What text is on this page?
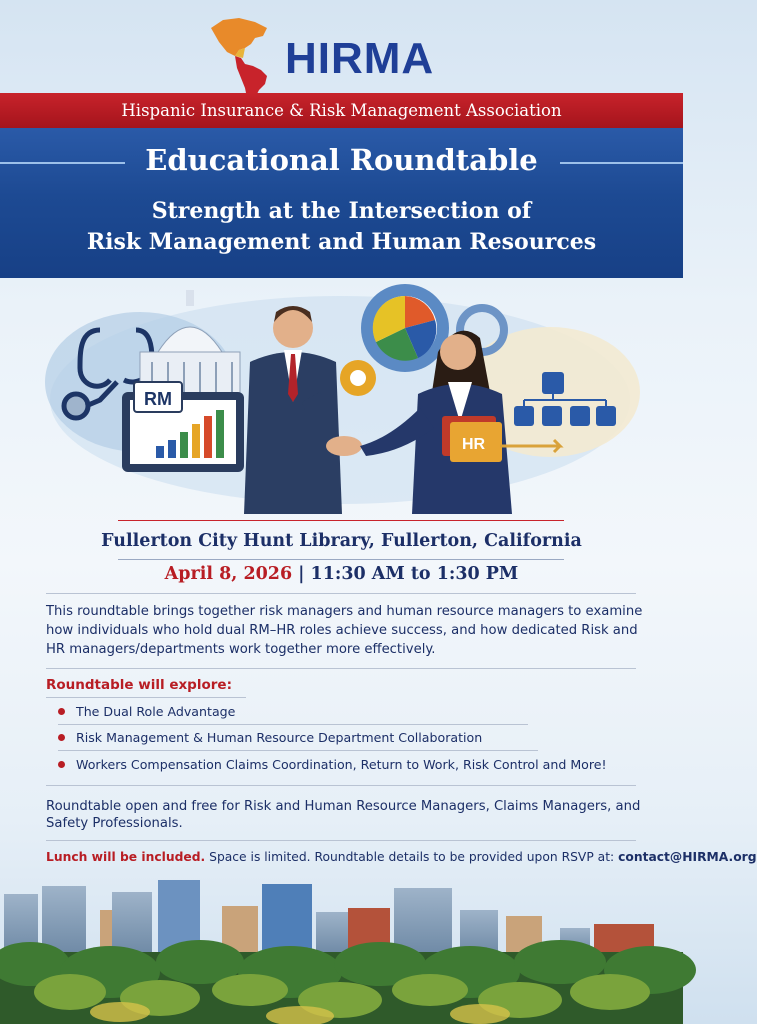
HIRMA
Hispanic Insurance & Risk Management Association
Educational Roundtable
Strength at the Intersection of
Risk Management and Human Resources
RM
HR
Fullerton City Hunt Library, Fullerton, California
April 8, 2026 | 11:30 AM to 1:30 PM
This roundtable brings together risk managers and human resource managers to examine how individuals who hold dual RM–HR roles achieve success, and how dedicated Risk and HR managers/departments work together more effectively.
Roundtable will explore:
The Dual Role Advantage
Risk Management & Human Resource Department Collaboration
Workers Compensation Claims Coordination, Return to Work, Risk Control and More!
Roundtable open and free for Risk and Human Resource Managers, Claims Managers, and Safety Professionals.
Lunch will be included. Space is limited. Roundtable details to be provided upon RSVP at: contact@HIRMA.org
